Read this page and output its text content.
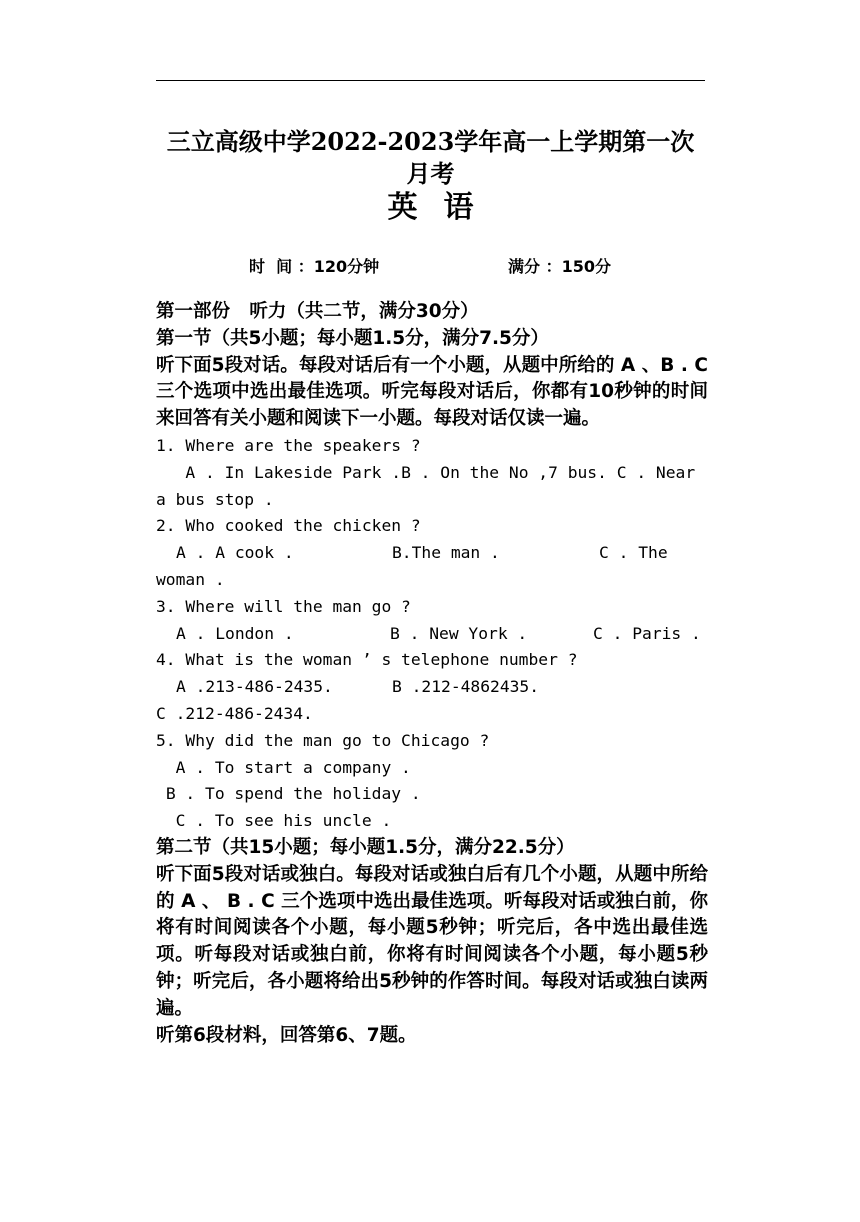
三立高级中学2022-2023学年高一上学期第一次月考
英语
时  间 ：120分钟	满分 ：150分

第一部份   听力（共二节，满分30分）

第一节（共5小题；每小题1.5分，满分7.5分）

听下面5段对话。每段对话后有一个小题，从题中所给的 A 、B . C 三个选项中选出最佳选项。听完每段对话后，你都有10秒钟的时间来回答有关小题和阅读下一小题。每段对话仅读一遍。

1. Where are the speakers ?

A . In Lakeside Park .B . On the No ,7 bus. C . Near

a bus stop .

2. Who cooked the chicken ?

A . A cook .	B.The man .	C . The

woman .

3. Where will the man go ?

A . London .	B . New York .	C . Paris .

4. What is the woman ’ s telephone number ?

A .213-486-2435.	B .212-4862435.

C .212-486-2434.

5. Why did the man go to Chicago ?

A . To start a company .

B . To spend the holiday .

C . To see his uncle .

第二节（共15小题；每小题1.5分，满分22.5分）

听下面5段对话或独白。每段对话或独白后有几个小题，从题中所给的 A 、 B . C 三个选项中选出最佳选项。听每段对话或独白前，你将有时间阅读各个小题，每小题5秒钟；听完后，各中选出最佳选项。听每段对话或独白前，你将有时间阅读各个小题，每小题5秒钟；听完后，各小题将给出5秒钟的作答时间。每段对话或独白读两遍。

听第6段材料，回答第6、7题。
